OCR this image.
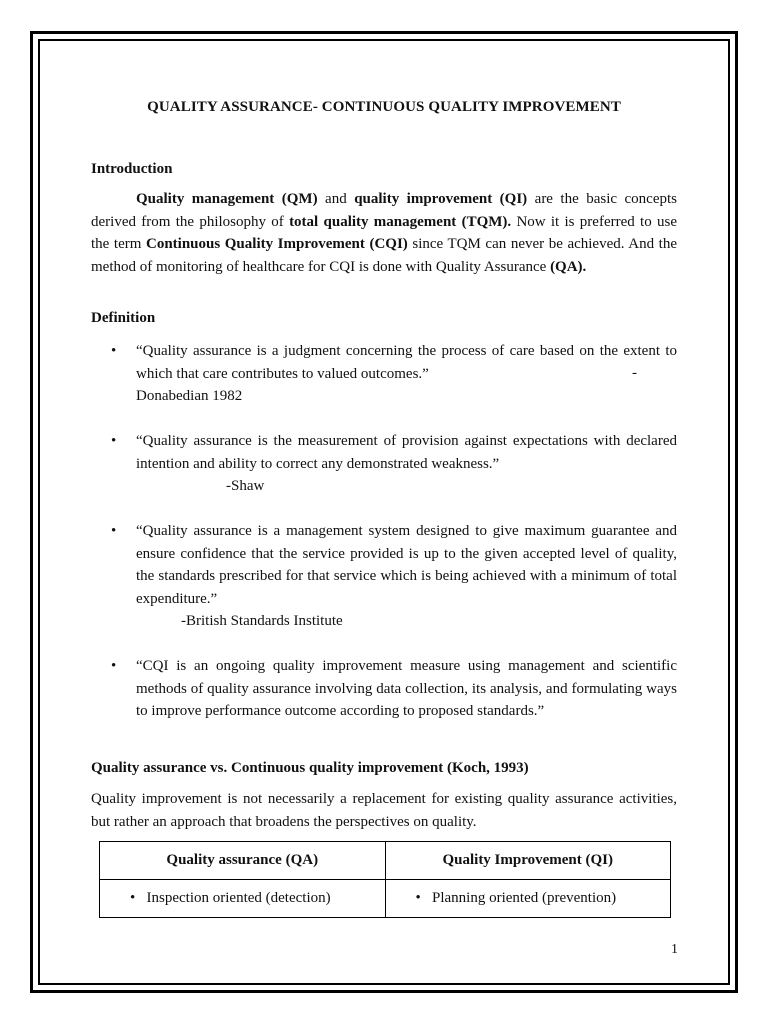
QUALITY ASSURANCE- CONTINUOUS QUALITY IMPROVEMENT
Introduction

Quality management (QM) and quality improvement (QI) are the basic concepts derived from the philosophy of total quality management (TQM). Now it is preferred to use the term Continuous Quality Improvement (CQI) since TQM can never be achieved. And the method of monitoring of healthcare for CQI is done with Quality Assurance (QA).

Definition
• “Quality assurance is a judgment concerning the process of care based on the extent to which that care contributes to valued outcomes.”	-
Donabedian 1982
• “Quality assurance is the measurement of provision against expectations with declared intention and ability to correct any demonstrated weakness.”
-Shaw
• “Quality assurance is a management system designed to give maximum guarantee and ensure confidence that the service provided is up to the given accepted level of quality, the standards prescribed for that service which is being achieved with a minimum of total expenditure.”
-British Standards Institute
• “CQI is an ongoing quality improvement measure using management and scientific methods of quality assurance involving data collection, its analysis, and formulating ways to improve performance outcome according to proposed standards.”
Quality assurance vs. Continuous quality improvement (Koch, 1993)
Quality improvement is not necessarily a replacement for existing quality assurance activities, but rather an approach that broadens the perspectives on quality.
Quality assurance (QA)	Quality Improvement (QI)

• Inspection oriented (detection)	• Planning oriented (prevention)
1
